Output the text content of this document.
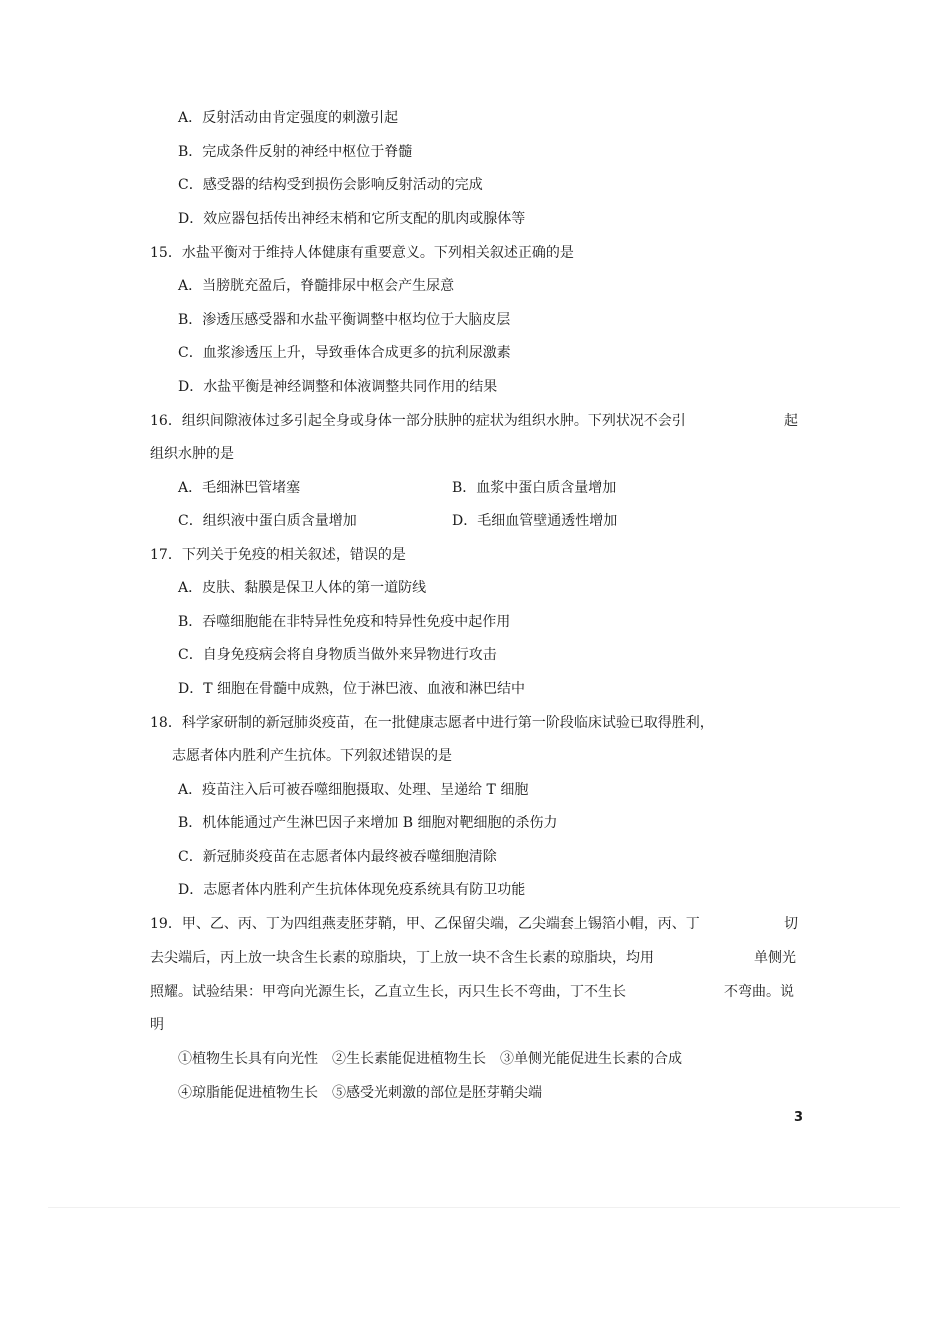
A．反射活动由肯定强度的刺激引起
B．完成条件反射的神经中枢位于脊髓
C．感受器的结构受到损伤会影响反射活动的完成
D．效应器包括传出神经末梢和它所支配的肌肉或腺体等
15．水盐平衡对于维持人体健康有重要意义。下列相关叙述正确的是
A．当膀胱充盈后，脊髓排尿中枢会产生尿意
B．渗透压感受器和水盐平衡调整中枢均位于大脑皮层
C．血浆渗透压上升，导致垂体合成更多的抗利尿激素
D．水盐平衡是神经调整和体液调整共同作用的结果
16．组织间隙液体过多引起全身或身体一部分肤肿的症状为组织水肿。下列状况不会引	起
组织水肿的是
A．毛细淋巴管堵塞	B．血浆中蛋白质含量增加
C．组织液中蛋白质含量增加	D．毛细血管壁通透性增加
17．下列关于免疫的相关叙述，错误的是
A．皮肤、黏膜是保卫人体的第一道防线
B．吞噬细胞能在非特异性免疫和特异性免疫中起作用
C．自身免疫病会将自身物质当做外来异物进行攻击
D．T 细胞在骨髓中成熟，位于淋巴液、血液和淋巴结中
18．科学家研制的新冠肺炎疫苗，在一批健康志愿者中进行第一阶段临床试验已取得胜利，
志愿者体内胜利产生抗体。下列叙述错误的是
A．疫苗注入后可被吞噬细胞摄取、处理、呈递给 T 细胞
B．机体能通过产生淋巴因子来增加 B 细胞对靶细胞的杀伤力
C．新冠肺炎疫苗在志愿者体内最终被吞噬细胞清除
D．志愿者体内胜利产生抗体体现免疫系统具有防卫功能
19．甲、乙、丙、丁为四组燕麦胚芽鞘，甲、乙保留尖端，乙尖端套上锡箔小帽，丙、丁	切
去尖端后，丙上放一块含生长素的琼脂块，丁上放一块不含生长素的琼脂块，均用	单侧光
照耀。试验结果：甲弯向光源生长，乙直立生长，丙只生长不弯曲，丁不生长	不弯曲。说
明
①植物生长具有向光性　②生长素能促进植物生长　③单侧光能促进生长素的合成
④琼脂能促进植物生长　⑤感受光刺激的部位是胚芽鞘尖端
3
